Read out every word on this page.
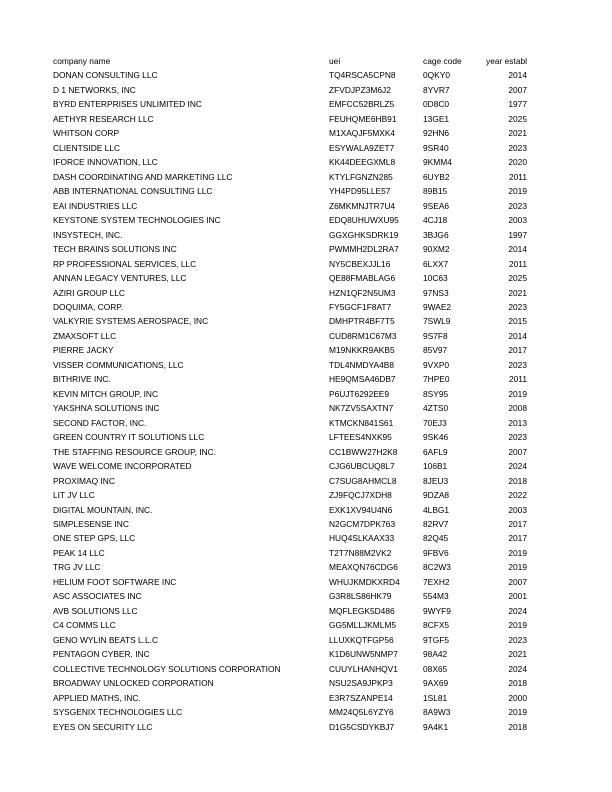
company name	uei	cage code	year establ
DONAN CONSULTING LLC	TQ4RSCA5CPN8	0QKY0	2014
D 1 NETWORKS, INC	ZFVDJPZ3M6J2	8YVR7	2007
BYRD ENTERPRISES UNLIMITED INC	EMFCC52BRLZ5	0D8C0	1977
AETHYR RESEARCH LLC	FEUHQME6HB91	13GE1	2025
WHITSON CORP	M1XAQJF5MXK4	92HN6	2021
CLIENTSIDE LLC	ESYWALA9ZET7	9SR40	2023
IFORCE INNOVATION, LLC	KK44DEEGXML8	9KMM4	2020
DASH COORDINATING AND MARKETING LLC	KTYLFGNZN285	6UYB2	2011
ABB INTERNATIONAL CONSULTING LLC	YH4PD95LLE57	89B15	2019
EAI INDUSTRIES LLC	Z6MKMNJTR7U4	9SEA6	2023
KEYSTONE SYSTEM TECHNOLOGIES INC	EDQ8UHUWXU95	4CJ18	2003
INSYSTECH, INC.	GGXGHKSDRK19	3BJG6	1997
TECH BRAINS SOLUTIONS INC	PWMMH2DL2RA7	90XM2	2014
RP PROFESSIONAL SERVICES, LLC	NY5CBEXJJL16	6LXX7	2011
ANNAN LEGACY VENTURES, LLC	QE88FMABLAG6	10C63	2025
AZIRI GROUP LLC	HZN1QF2N5UM3	97NS3	2021
DOQUIMA, CORP.	FY5GCF1F8AT7	9WAE2	2023
VALKYRIE SYSTEMS AEROSPACE, INC	DMHPTR4BF7T5	7SWL9	2015
ZMAXSOFT LLC	CUD8RM1C67M3	9S7F8	2014
PIERRE JACKY	M19NKKR9AKB5	85V97	2017
VISSER COMMUNICATIONS, LLC	TDL4NMDYA4B8	9VXP0	2023
BITHRIVE INC.	HE9QMSA46DB7	7HPE0	2011
KEVIN MITCH GROUP, INC	P6UJT6292EE9	8SY95	2019
YAKSHNA SOLUTIONS INC	NK7ZV5SAXTN7	4ZTS0	2008
SECOND FACTOR, INC.	KTMCKN841S61	70EJ3	2013
GREEN COUNTRY IT SOLUTIONS LLC	LFTEES4NXK95	9SK46	2023
THE STAFFING RESOURCE GROUP, INC.	CC1BWW27H2K8	6AFL9	2007
WAVE WELCOME INCORPORATED	CJG6UBCUQ8L7	106B1	2024
PROXIMAQ INC	C7SUG8AHMCL8	8JEU3	2018
LIT JV LLC	ZJ9FQCJ7XDH8	9DZA8	2022
DIGITAL MOUNTAIN, INC.	EXK1XV94U4N6	4LBG1	2003
SIMPLESENSE INC	N2GCM7DPK763	82RV7	2017
ONE STEP GPS, LLC	HUQ4SLKAAX33	82Q45	2017
PEAK 14 LLC	T2T7N88M2VK2	9FBV6	2019
TRG JV LLC	MEAXQN76CDG6	8C2W3	2019
HELIUM FOOT SOFTWARE INC	WHUJKMDKXRD4	7EXH2	2007
ASC ASSOCIATES INC	G3R8LS86HK79	554M3	2001
AVB SOLUTIONS LLC	MQFLEGK5D486	9WYF9	2024
C4 COMMS LLC	GG5MLLJKMLM5	8CFX5	2019
GENO WYLIN BEATS L.L.C	LLUXKQTFGP56	9TGF5	2023
PENTAGON CYBER, INC	K1D6UNW5NMP7	98A42	2021
COLLECTIVE TECHNOLOGY SOLUTIONS CORPORATION	CUUYLHANHQV1	08X65	2024
BROADWAY UNLOCKED CORPORATION	NSU2SA9JPKP3	9AX69	2018
APPLIED MATHS, INC.	E3R7SZANPE14	1SL81	2000
SYSGENIX TECHNOLOGIES LLC	MM24Q5L6YZY6	8A9W3	2019
EYES ON SECURITY LLC	D1G5CSDYKBJ7	9A4K1	2018
